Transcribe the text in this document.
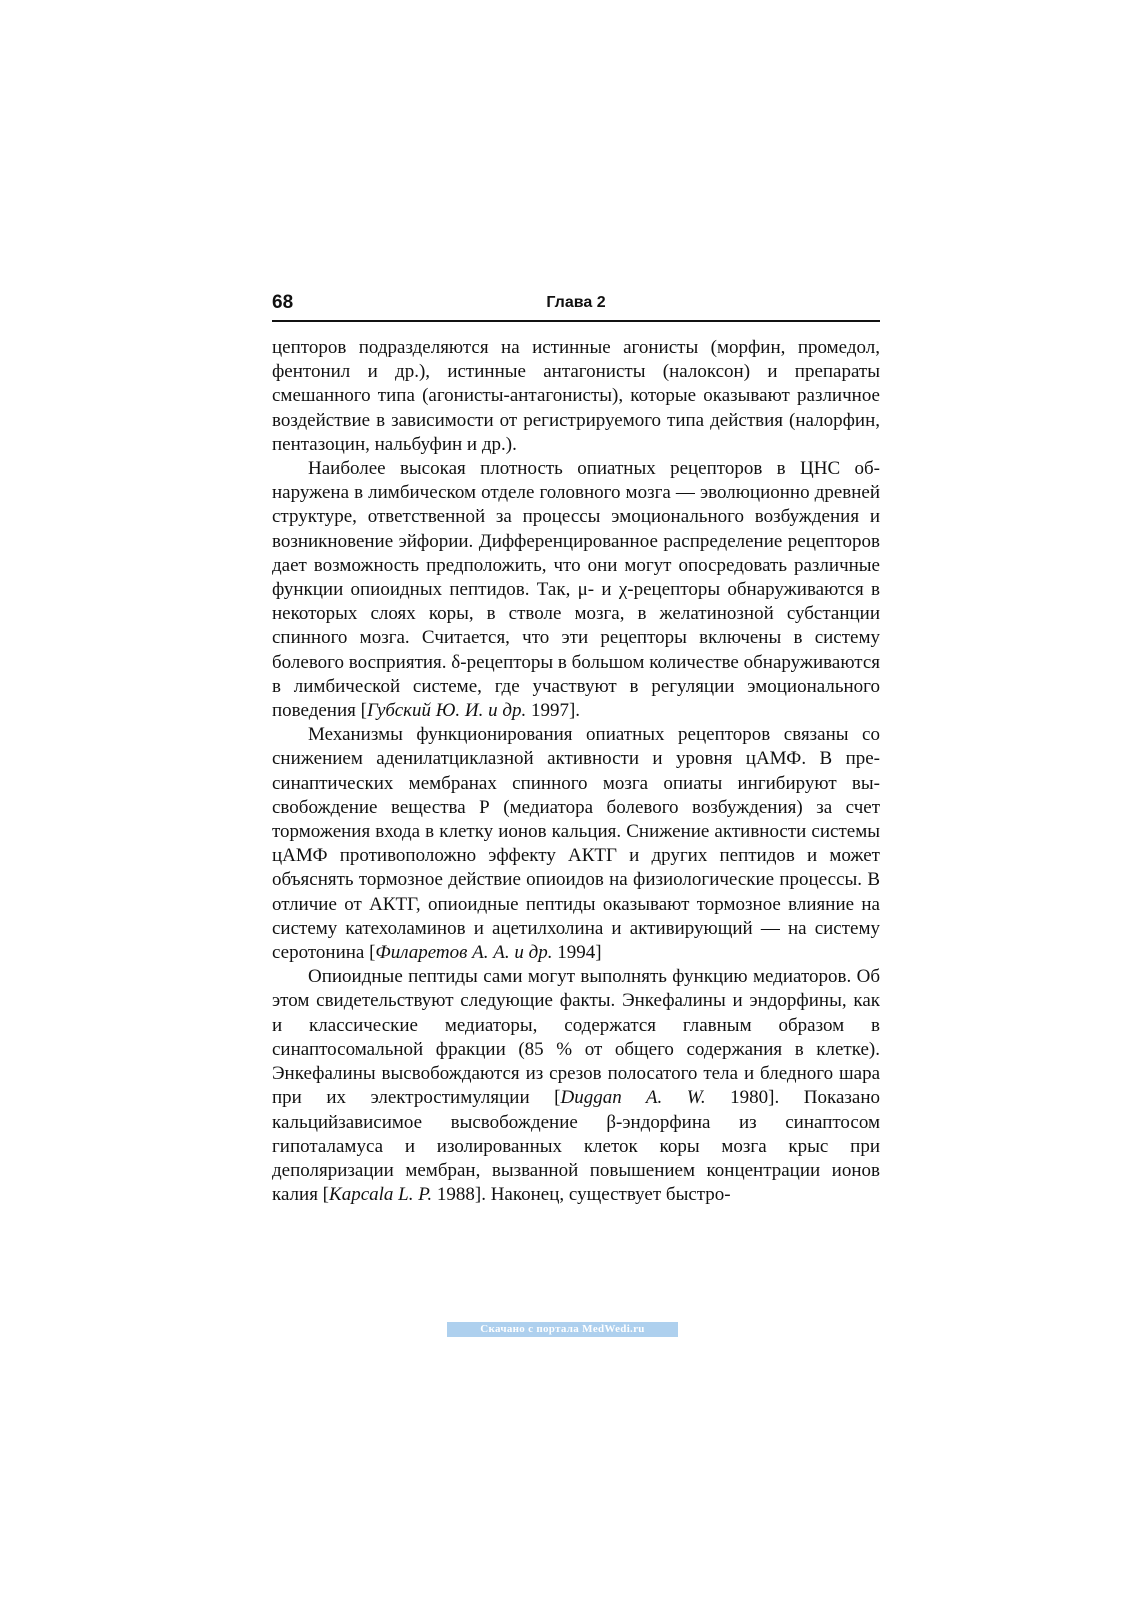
68	Глава 2

цепторов подразделяются на истинные агонисты (морфин, промедол, фентонил и др.), истинные антагонисты (налоксон) и препараты смешанного типа (агонисты-антагонисты), которые оказывают различное воздействие в зависимости от регистрируемого типа действия (налорфин, пентазоцин, нальбуфин и др.).

Наиболее высокая плотность опиатных рецепторов в ЦНС обнаружена в лимбическом отделе головного мозга — эволюционно древней структуре, ответственной за процессы эмоционального возбуждения и возникновение эйфории. Дифференцированное распределение рецепторов дает возможность предположить, что они могут опосредовать различные функции опиоидных пептидов. Так, μ- и χ-рецепторы обнаруживаются в некоторых слоях коры, в стволе мозга, в желатинозной субстанции спинного мозга. Считается, что эти рецепторы включены в систему болевого восприятия. δ-рецепторы в большом количестве обнаруживаются в лимбической системе, где участвуют в регуляции эмоционального поведения [Губский Ю. И. и др. 1997].

Механизмы функционирования опиатных рецепторов связаны со снижением аденилатциклазной активности и уровня цАМФ. В пресинаптических мембранах спинного мозга опиаты ингибируют высвобождение вещества Р (медиатора болевого возбуждения) за счет торможения входа в клетку ионов кальция. Снижение активности системы цАМФ противоположно эффекту АКТГ и других пептидов и может объяснять тормозное действие опиоидов на физиологические процессы. В отличие от АКТГ, опиоидные пептиды оказывают тормозное влияние на систему катехоламинов и ацетилхолина и активирующий — на систему серотонина [Филаретов А. А. и др. 1994]

Опиоидные пептиды сами могут выполнять функцию медиаторов. Об этом свидетельствуют следующие факты. Энкефалины и эндорфины, как и классические медиаторы, содержатся главным образом в синаптосомальной фракции (85 % от общего содержания в клетке). Энкефалины высвобождаются из срезов полосатого тела и бледного шара при их электростимуляции [Duggan A. W. 1980]. Показано кальцийзависимое высвобождение β-эндорфина из синаптосом гипоталамуса и изолированных клеток коры мозга крыс при деполяризации мембран, вызванной повышением концентрации ионов калия [Kapcala L. P. 1988]. Наконец, существует быстро-

Скачано с портала MedWedi.ru
